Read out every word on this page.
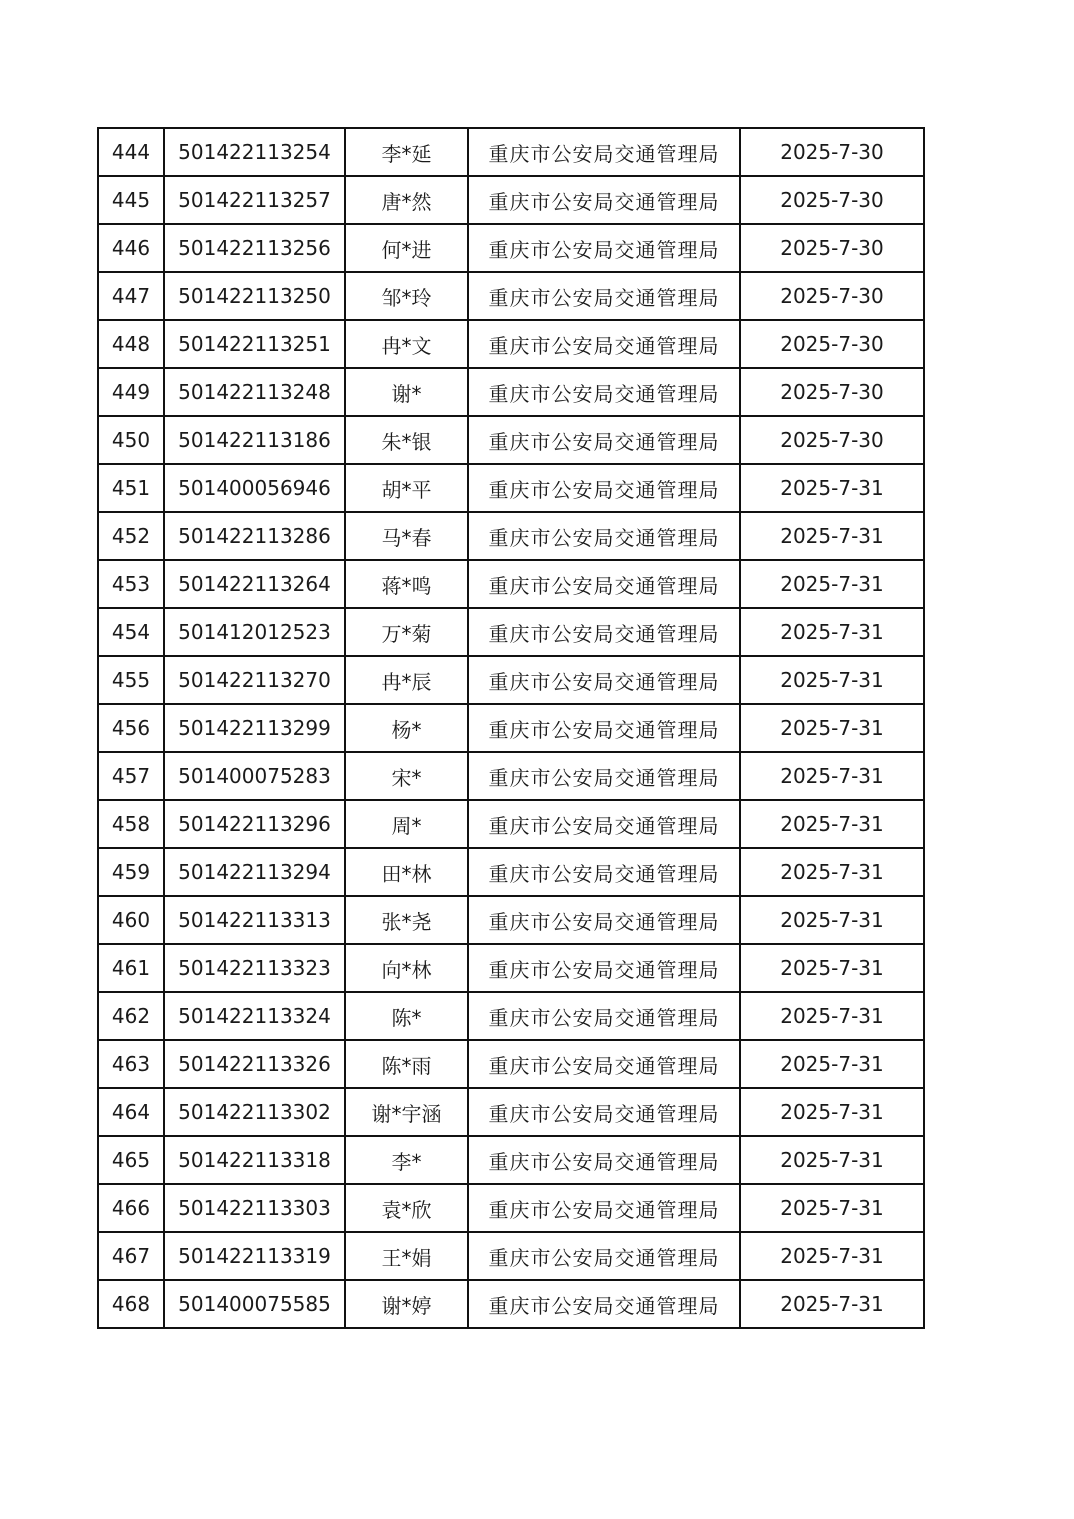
444	501422113254	李*延	重庆市公安局交通管理局	2025-7-30
445	501422113257	唐*然	重庆市公安局交通管理局	2025-7-30
446	501422113256	何*进	重庆市公安局交通管理局	2025-7-30
447	501422113250	邹*玲	重庆市公安局交通管理局	2025-7-30
448	501422113251	冉*文	重庆市公安局交通管理局	2025-7-30
449	501422113248	谢*	重庆市公安局交通管理局	2025-7-30
450	501422113186	朱*银	重庆市公安局交通管理局	2025-7-30
451	501400056946	胡*平	重庆市公安局交通管理局	2025-7-31
452	501422113286	马*春	重庆市公安局交通管理局	2025-7-31
453	501422113264	蒋*鸣	重庆市公安局交通管理局	2025-7-31
454	501412012523	万*菊	重庆市公安局交通管理局	2025-7-31
455	501422113270	冉*辰	重庆市公安局交通管理局	2025-7-31
456	501422113299	杨*	重庆市公安局交通管理局	2025-7-31
457	501400075283	宋*	重庆市公安局交通管理局	2025-7-31
458	501422113296	周*	重庆市公安局交通管理局	2025-7-31
459	501422113294	田*林	重庆市公安局交通管理局	2025-7-31
460	501422113313	张*尧	重庆市公安局交通管理局	2025-7-31
461	501422113323	向*林	重庆市公安局交通管理局	2025-7-31
462	501422113324	陈*	重庆市公安局交通管理局	2025-7-31
463	501422113326	陈*雨	重庆市公安局交通管理局	2025-7-31
464	501422113302	谢*宇涵	重庆市公安局交通管理局	2025-7-31
465	501422113318	李*	重庆市公安局交通管理局	2025-7-31
466	501422113303	袁*欣	重庆市公安局交通管理局	2025-7-31
467	501422113319	王*娟	重庆市公安局交通管理局	2025-7-31
468	501400075585	谢*婷	重庆市公安局交通管理局	2025-7-31
